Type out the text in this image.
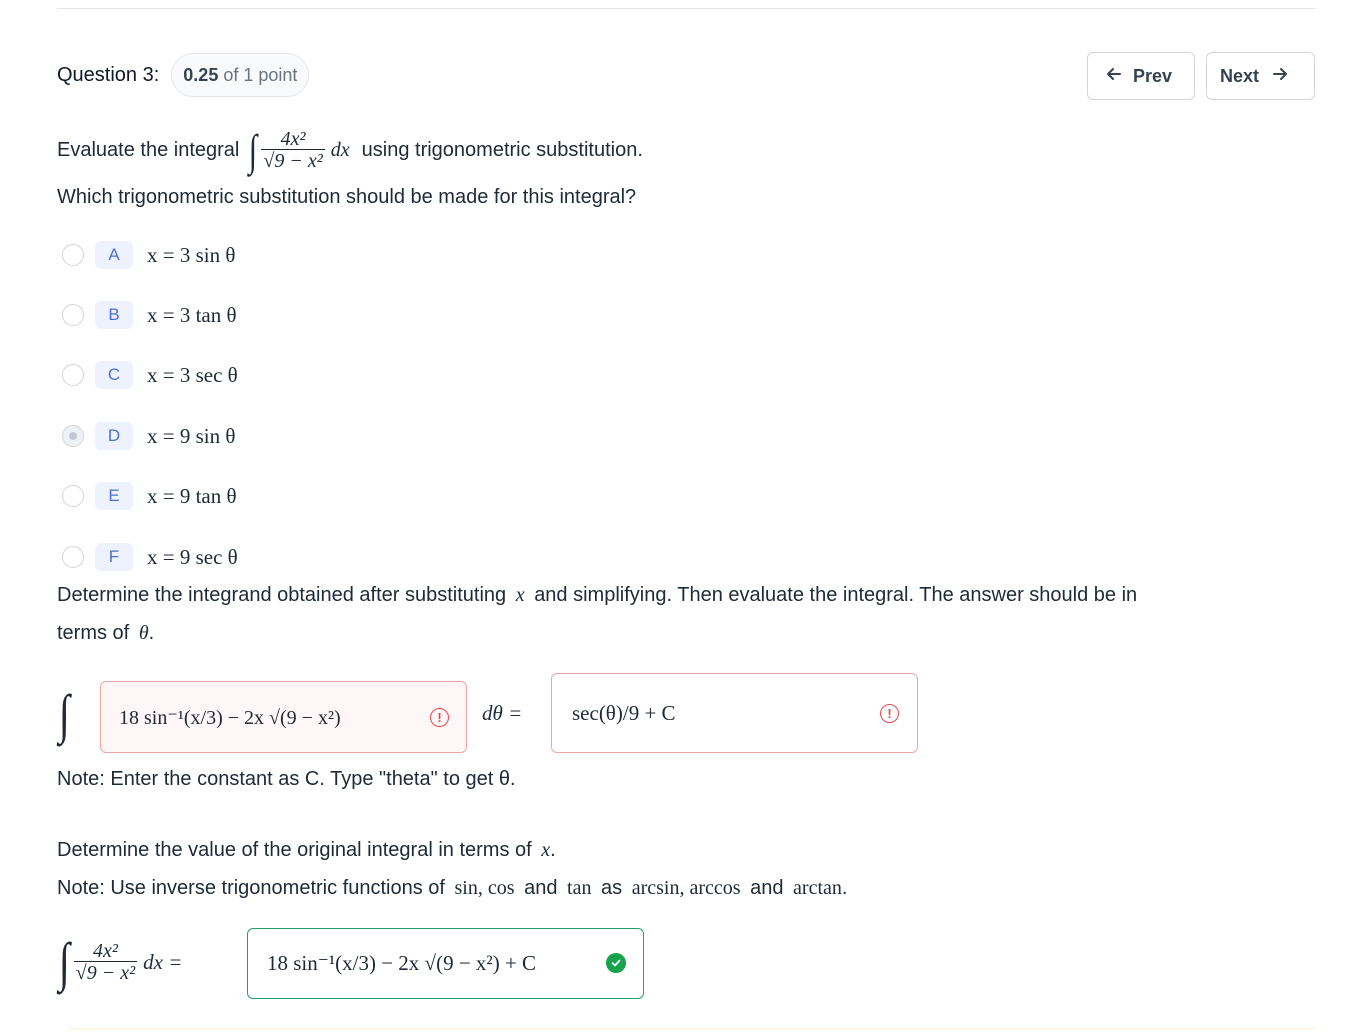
Question 3: 0.25 of 1 point	Prev	Next
Evaluate the integral ∫ $\frac{\text{4x²}}{\text{√9 − x²}}$ dx using trigonometric substitution.
Which trigonometric substitution should be made for this integral?
A	x = 3 sin θ
B	x = 3 tan θ
C	x = 3 sec θ
D	x = 9 sin θ
E	x = 9 tan θ
F	x = 9 sec θ
Determine the integrand obtained after substituting x and simplifying. Then evaluate the integral. The answer should be in
terms of θ.
∫ 18 sin⁻¹(x/3) − 2x √(9 − x²)	!	dθ = sec(θ)/9 + C	!
Note: Enter the constant as C. Type "theta" to get θ.
Determine the value of the original integral in terms of x.
Note: Use inverse trigonometric functions of sin, cos and tan as arcsin, arccos and arctan.
∫ $\frac{\text{4x²}}{\text{√9 − x²}}$ dx =	18 sin⁻¹(x/3) − 2x √(9 − x²) + C
